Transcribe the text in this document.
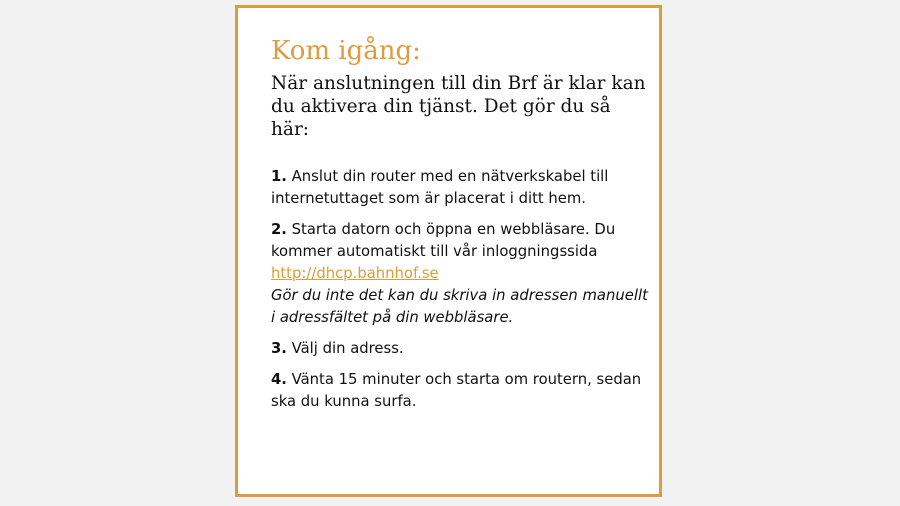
Kom igång:

När anslutningen till din Brf är klar kan du aktivera din tjänst. Det gör du så här:

1. Anslut din router med en nätverkskabel till internetuttaget som är placerat i ditt hem.
2. Starta datorn och öppna en webbläsare. Du kommer automatiskt till vår inloggningssida http://dhcp.bahnhof.se
Gör du inte det kan du skriva in adressen manuellt i adressfältet på din webbläsare.
3. Välj din adress.
4. Vänta 15 minuter och starta om routern, sedan ska du kunna surfa.
